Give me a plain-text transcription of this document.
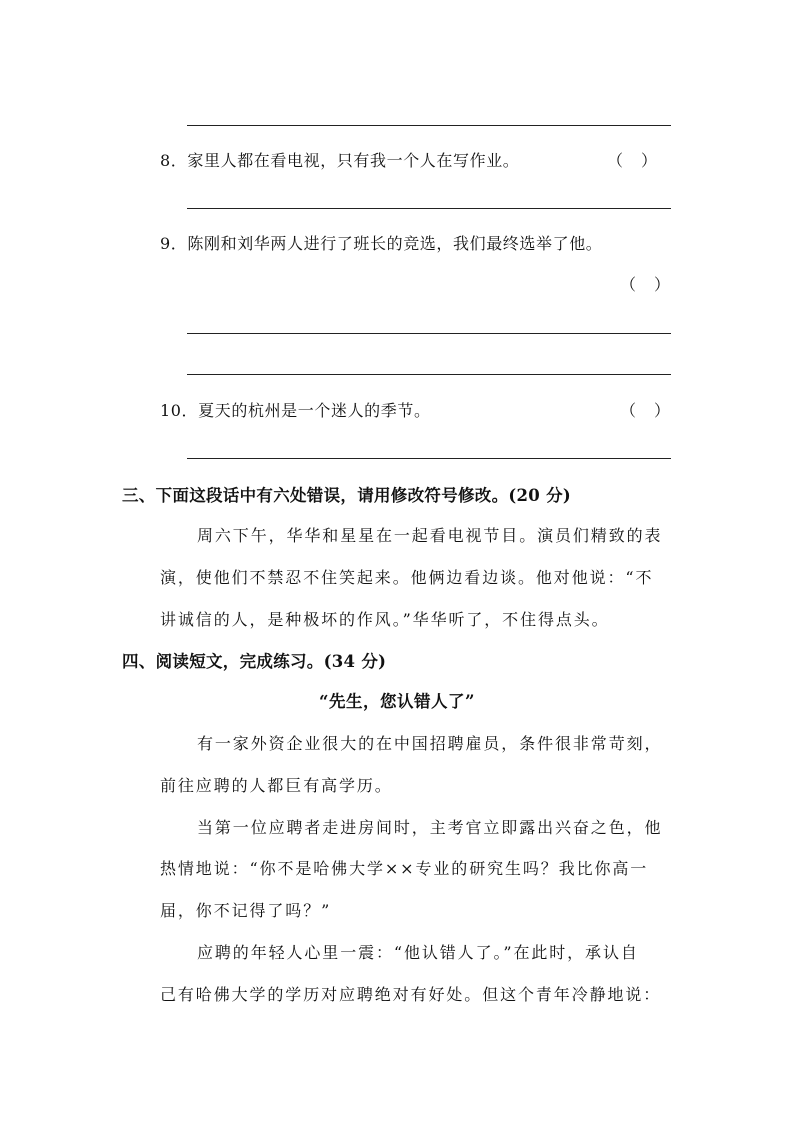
8．家里人都在看电视，只有我一个人在写作业。	（）
9．陈刚和刘华两人进行了班长的竞选，我们最终选举了他。
（）
10．夏天的杭州是一个迷人的季节。	（）
三、下面这段话中有六处错误，请用修改符号修改。(20 分)
周六下午，华华和星星在一起看电视节目。演员们精致的表
演，使他们不禁忍不住笑起来。他俩边看边谈。他对他说：“不
讲诚信的人，是种极坏的作风。”华华听了，不住得点头。
四、阅读短文，完成练习。(34 分)
“先生，您认错人了”
有一家外资企业很大的在中国招聘雇员，条件很非常苛刻，
前往应聘的人都巨有高学历。
当第一位应聘者走进房间时，主考官立即露出兴奋之色，他
热情地说：“你不是哈佛大学××专业的研究生吗？我比你高一
届，你不记得了吗？”
应聘的年轻人心里一震：“他认错人了。”在此时，承认自
己有哈佛大学的学历对应聘绝对有好处。但这个青年冷静地说：
